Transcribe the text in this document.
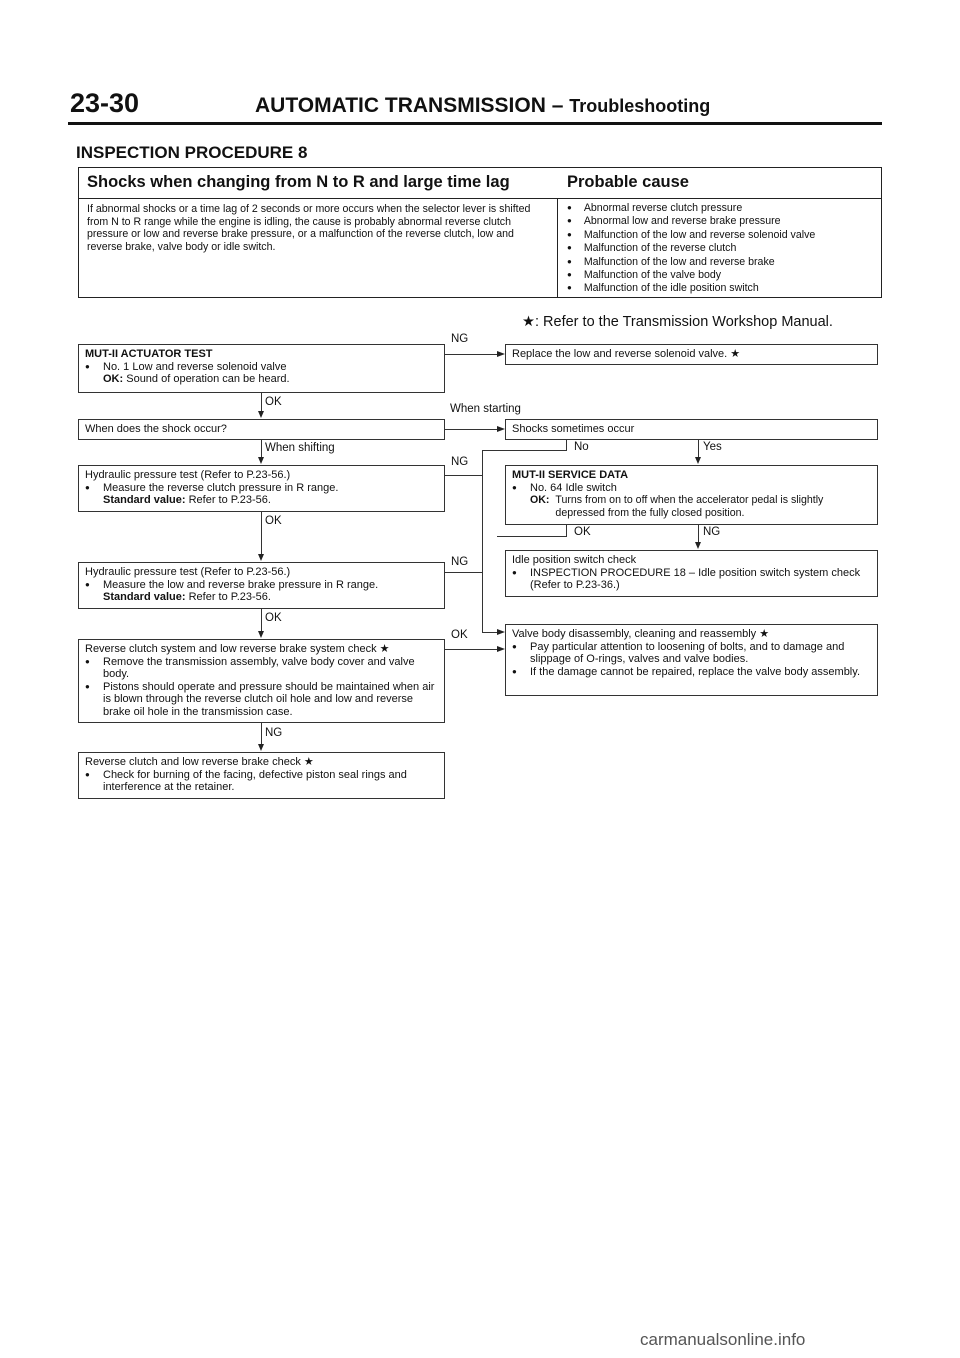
23-30	AUTOMATIC TRANSMISSION – Troubleshooting
INSPECTION PROCEDURE 8
Shocks when changing from N to R and large time lag	Probable cause
If abnormal shocks or a time lag of 2 seconds or more occurs when the selector lever is shifted from N to R range while the engine is idling, the cause is probably abnormal reverse clutch pressure or low and reverse brake pressure, or a malfunction of the reverse clutch, low and reverse brake, valve body or idle switch.
● Abnormal reverse clutch pressure
● Abnormal low and reverse brake pressure
● Malfunction of the low and reverse solenoid valve
● Malfunction of the reverse clutch
● Malfunction of the low and reverse brake
● Malfunction of the valve body
● Malfunction of the idle position switch
★: Refer to the Transmission Workshop Manual.
MUT-II ACTUATOR TEST
●	No. 1 Low and reverse solenoid valve
OK: Sound of operation can be heard.
When does the shock occur?
Hydraulic pressure test (Refer to P.23-56.)
●	Measure the reverse clutch pressure in R range.
Standard value: Refer to P.23-56.
Hydraulic pressure test (Refer to P.23-56.)
●	Measure the low and reverse brake pressure in R range.
Standard value: Refer to P.23-56.
Reverse clutch system and low reverse brake system check ★
●	Remove the transmission assembly, valve body cover and valve body.
●	Pistons should operate and pressure should be maintained when air is blown through the reverse clutch oil hole and low and reverse brake oil hole in the transmission case.
Reverse clutch and low reverse brake check ★
●	Check for burning of the facing, defective piston seal rings and interference at the retainer.
Replace the low and reverse solenoid valve. ★
Shocks sometimes occur
MUT-II SERVICE DATA
●	No. 64 Idle switch
OK: Turns from on to off when the accelerator pedal is slightly depressed from the fully closed position.
Idle position switch check
●	INSPECTION PROCEDURE 18 – Idle position switch system check (Refer to P.23-36.)
Valve body disassembly, cleaning and reassembly ★
●	Pay particular attention to loosening of bolts, and to damage and slippage of O-rings, valves and valve bodies.
●	If the damage cannot be repaired, replace the valve body assembly.
NG
OK
When starting
When shifting
OK
NG
NG
OK
OK
NG
No	Yes
OK	NG
carmanualsonline.info
